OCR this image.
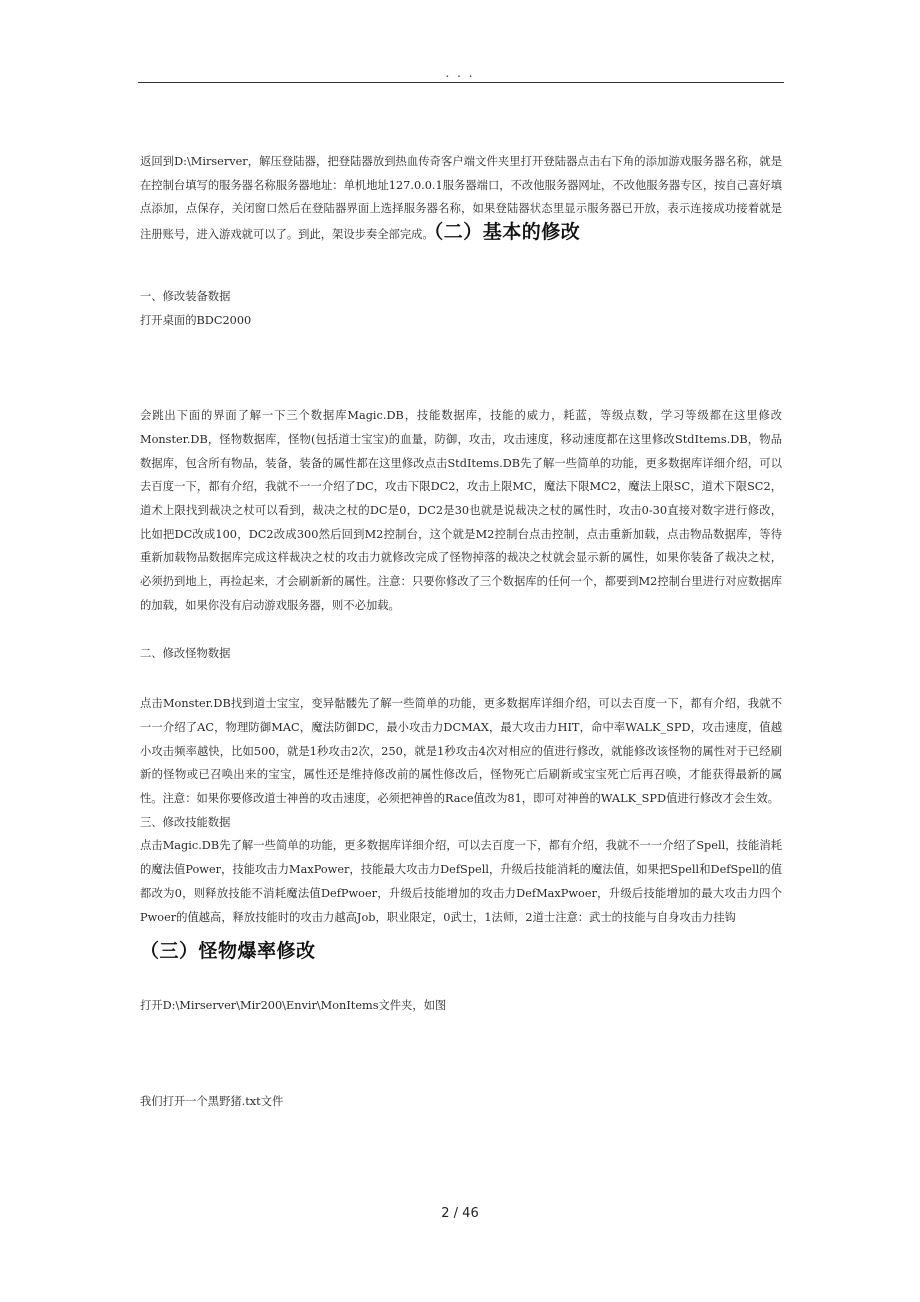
. . .

返回到D:\Mirserver，解压登陆器，把登陆器放到热血传奇客户端文件夹里打开登陆器点击右下角的添加游戏服务器名称，就是在控制台填写的服务器名称服务器地址：单机地址127.0.0.1服务器端口，不改他服务器网址，不改他服务器专区，按自己喜好填点添加，点保存，关闭窗口然后在登陆器界面上选择服务器名称，如果登陆器状态里显示服务器已开放，表示连接成功接着就是注册账号，进入游戏就可以了。到此，架设步奏全部完成。（二）基本的修改

一、修改装备数据

打开桌面的BDC2000

会跳出下面的界面了解一下三个数据库Magic.DB，技能数据库，技能的威力，耗蓝，等级点数，学习等级都在这里修改Monster.DB，怪物数据库，怪物(包括道士宝宝)的血量，防御，攻击，攻击速度，移动速度都在这里修改StdItems.DB，物品数据库，包含所有物品，装备，装备的属性都在这里修改点击StdItems.DB先了解一些简单的功能，更多数据库详细介绍，可以去百度一下，都有介绍，我就不一一介绍了DC，攻击下限DC2，攻击上限MC，魔法下限MC2，魔法上限SC，道术下限SC2，道术上限找到裁决之杖可以看到，裁决之杖的DC是0，DC2是30也就是说裁决之杖的属性时，攻击0-30直接对数字进行修改，比如把DC改成100，DC2改成300然后回到M2控制台，这个就是M2控制台点击控制，点击重新加载，点击物品数据库，等待重新加载物品数据库完成这样裁决之杖的攻击力就修改完成了怪物掉落的裁决之杖就会显示新的属性，如果你装备了裁决之杖，必须扔到地上，再捡起来，才会刷新新的属性。注意：只要你修改了三个数据库的任何一个，都要到M2控制台里进行对应数据库的加载，如果你没有启动游戏服务器，则不必加载。

二、修改怪物数据

点击Monster.DB找到道士宝宝，变异骷髅先了解一些简单的功能，更多数据库详细介绍，可以去百度一下，都有介绍，我就不一一介绍了AC，物理防御MAC，魔法防御DC，最小攻击力DCMAX，最大攻击力HIT，命中率WALK_SPD，攻击速度，值越小攻击频率越快，比如500，就是1秒攻击2次，250，就是1秒攻击4次对相应的值进行修改，就能修改该怪物的属性对于已经刷新的怪物或已召唤出来的宝宝，属性还是维持修改前的属性修改后，怪物死亡后刷新或宝宝死亡后再召唤，才能获得最新的属性。注意：如果你要修改道士神兽的攻击速度，必须把神兽的Race值改为81，即可对神兽的WALK_SPD值进行修改才会生效。

三、修改技能数据

点击Magic.DB先了解一些简单的功能，更多数据库详细介绍，可以去百度一下，都有介绍，我就不一一介绍了Spell，技能消耗的魔法值Power，技能攻击力MaxPower，技能最大攻击力DefSpell，升级后技能消耗的魔法值，如果把Spell和DefSpell的值都改为0，则释放技能不消耗魔法值DefPwoer，升级后技能增加的攻击力DefMaxPwoer，升级后技能增加的最大攻击力四个Pwoer的值越高，释放技能时的攻击力越高Job，职业限定，0武士，1法师，2道士注意：武士的技能与自身攻击力挂钩

（三）怪物爆率修改

打开D:\Mirserver\Mir200\Envir\MonItems文件夹，如图

我们打开一个黑野猪.txt文件

2 / 46
